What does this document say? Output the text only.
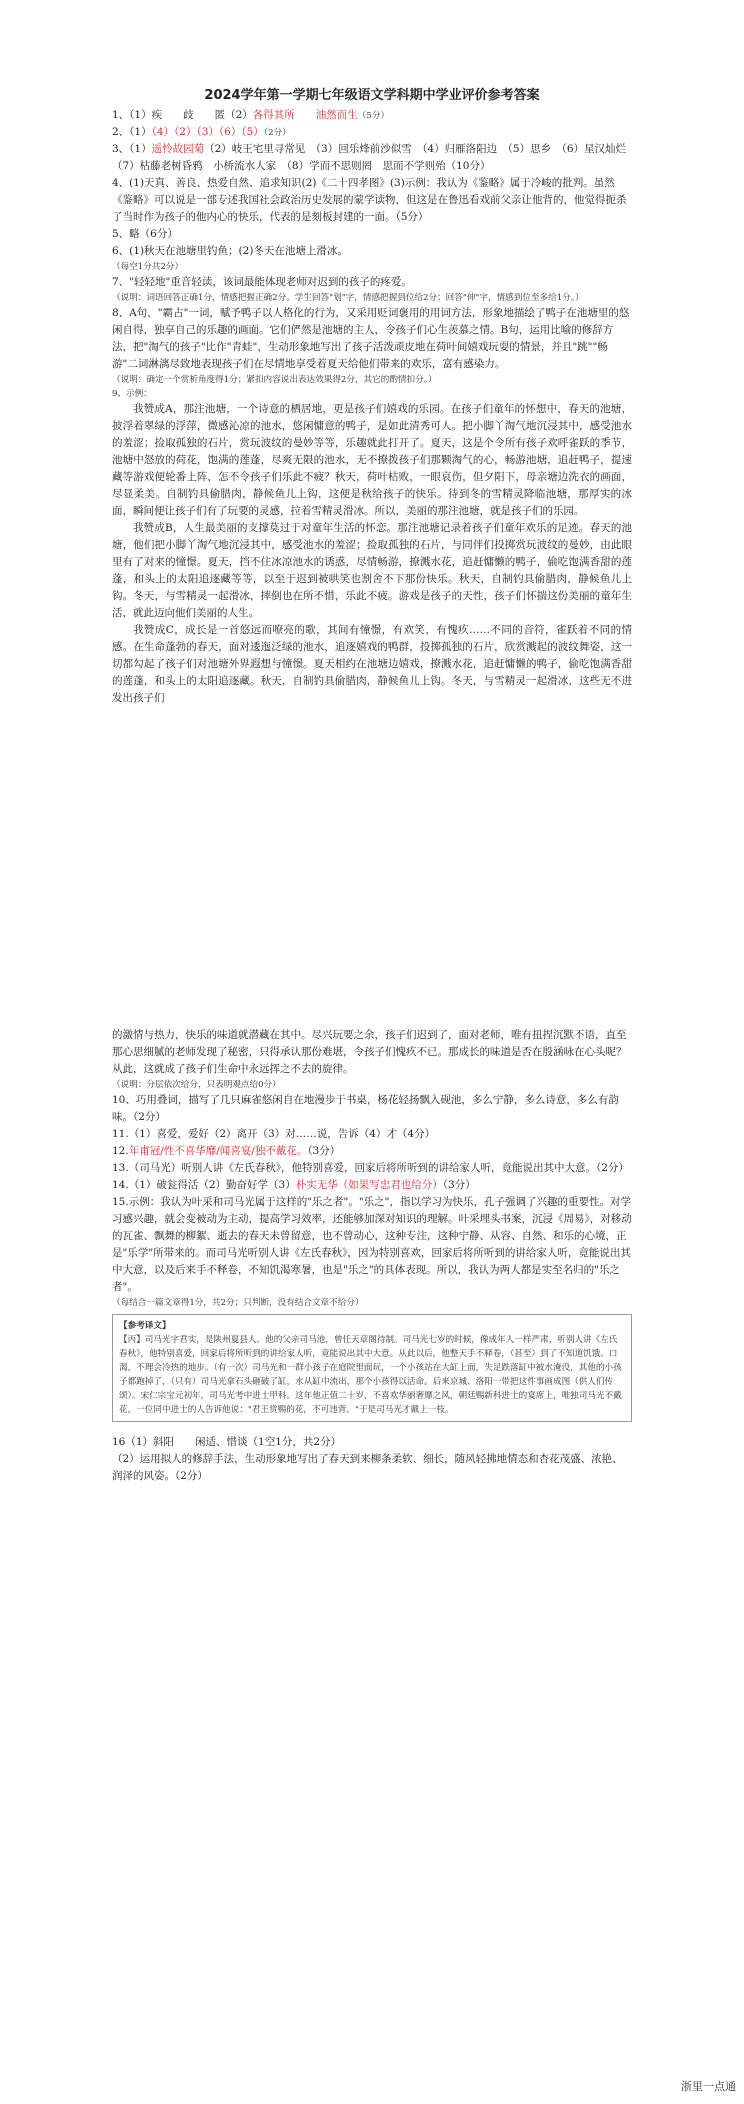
2024学年第一学期七年级语文学科期中学业评价参考答案
1、（1）疾　　歧　　匿（2）各得其所　　油然而生（5分）
2、（1）（4）（2）（3）（6）（5）（2分）
3、（1）遥怜故园菊（2）岐王宅里寻常见　（3）回乐烽前沙似雪　（4）归雁洛阳边　（5）思乡　（6）星汉灿烂　（7）枯藤老树昏鸦　小桥流水人家　（8）学而不思则罔　思而不学则殆（10分）
4、(1)天真、善良、热爱自然、追求知识(2)《二十四孝图》(3)示例：我认为《鉴略》属于冷峻的批判。虽然《鉴略》可以说是一部专述我国社会政治历史发展的蒙学读物，但这是在鲁迅看戏前父亲让他背的，他觉得扼杀了当时作为孩子的他内心的快乐，代表的是刻板封建的一面。（5分）
5、略（6分）
6、(1)秋天在池塘里钓鱼；(2)冬天在池塘上滑冰。
（每空1分共2分）
7、"轻轻地"重音轻读，该词最能体现老师对迟到的孩子的疼爱。
（说明：词语回答正确1分，情感把握正确2分。学生回答"划"字，情感把握到位给2分；回答"伸"字，情感到位至多给1分。）
8、A句，"霸占"一词，赋予鸭子以人格化的行为，又采用贬词褒用的用词方法，形象地描绘了鸭子在池塘里的悠闲自得，独享自己的乐趣的画面。它们俨然是池塘的主人，令孩子们心生羡慕之情。B句，运用比喻的修辞方法，把"淘气的孩子"比作"青蛙"，生动形象地写出了孩子活泼顽皮地在荷叶间嬉戏玩耍的情景，并且"跳""畅游"二词淋漓尽致地表现孩子们在尽情地享受着夏天给他们带来的欢乐，富有感染力。
（说明：确定一个赏析角度得1分；紧扣内容说出表达效果得2分，其它的酌情扣分。）
9、示例：
我赞成A，那注池塘，一个诗意的栖居地，更是孩子们嬉戏的乐园。在孩子们童年的怀想中，春天的池塘，披浮着翠绿的浮萍，微感沁凉的池水，悠闲慵意的鸭子，是如此清秀可人。把小脚丫淘气地沉浸其中，感受池水的羞涩；捡取孤独的石片，赏玩波纹的曼妙等等，乐趣就此打开了。夏天，这是个令所有孩子欢呼雀跃的季节，池塘中怒放的荷花，饱满的莲蓬，尽爽无限的池水，无不撩拨孩子们那颗淘气的心，畅游池塘，追赶鸭子，提速藏等游戏便轮番上阵，怎不令孩子们乐此不疲？秋天，荷叶枯败，一眼哀伤，但夕阳下，母亲塘边洗衣的画面，尽显柔美。自制钓具偷腊肉，静候鱼儿上钩，这便是秋给孩子的快乐。待到冬的雪精灵降临池塘，那厚实的冰面，瞬间便让孩子们有了玩要的灵感，拉着雪精灵滑冰。所以，美丽的那注池塘，就是孩子们的乐园。
我赞成B，人生最美丽的支撑莫过于对童年生活的怀恋。那注池塘记录着孩子们童年欢乐的足迹。春天的池塘，他们把小脚丫淘气地沉浸其中，感受池水的羞涩；捡取孤独的石片，与同伴们投掷赏玩波纹的曼妙，由此眼里有了对来的憧憬。夏天，挡不住冰凉池水的诱惑，尽情畅游，撩溅水花，追赶慵懒的鸭子，偷吃饱满香甜的莲蓬，和头上的太阳追逐藏等等，以至于迟到被哄笑也割舍不下那份快乐。秋天，自制钓具偷腊肉，静候鱼儿上钩。冬天，与雪精灵一起滑冰，摔倒也在所不惜，乐此不疲。游戏是孩子的天性，孩子们怀揣这份美丽的童年生活，就此迈向他们美丽的人生。
我赞成C，成长是一首悠远而嘹亮的歌，其间有憧憬，有欢笑，有愧疚……不同的音符，雀跃着不同的情感。在生命蓬勃的春天，面对逶迤泛绿的池水，追逐嬉戏的鸭群，投掷孤独的石片，欣赏溅起的波纹舞姿，这一切都勾起了孩子们对池塘外界遐想与憧憬。夏天相约在池塘边嬉戏，撩溅水花，追赶慵懒的鸭子，偷吃饱满香甜的莲蓬，和头上的太阳追逐藏。秋天，自制钓具偷腊肉，静候鱼儿上钩。冬天，与雪精灵一起滑冰，这些无不进发出孩子们
的激情与热力，快乐的味道就潜藏在其中。尽兴玩要之余，孩子们迟到了，面对老师，唯有扭捏沉默不语，直至那心思细腻的老师发现了秘密，只得承认那份难堪，令孩子们愧疚不已。那成长的味道是否在殷涵咏在心头呢？从此，这就成了孩子们生命中永远挥之不去的旋律。
（说明：分层依次给分，只表明观点给0分）
10、巧用叠词，描写了几只麻雀悠闲自在地漫步于书桌，杨花轻扬飘入砚池，多么宁静，多么诗意，多么有韵味。（2分）
11.（1）喜爱，爱好（2）离开（3）对……说，告诉（4）才（4分）
12.年甫冠/性不喜华靡/闻喜宴/独不戴花。（3分）
13.（司马光）听别人讲《左氏春秋》，他特别喜爱，回家后将所听到的讲给家人听，竟能说出其中大意。（2分）
14.（1）破瓮得活（2）勤奋好学（3）朴实无华（如果写忠君也给分）（3分）
15.示例：我认为叶采和司马光属于这样的"乐之者"。"乐之"，指以学习为快乐，孔子强调了兴趣的重要性。对学习感兴趣，就会变被动为主动，提高学习效率，还能够加深对知识的理解。叶采埋头书案，沉浸《周易》，对移动的瓦雀、飘舞的柳絮、逝去的春天未曾留意，也不曾动心，这种专注，这种宁静、从容、自然、和乐的心境，正是"乐学"所带来的。而司马光听别人讲《左氏春秋》，因为特别喜欢，回家后将所听到的讲给家人听，竟能说出其中大意，以及后来手不释卷，不知饥渴寒暑，也是"乐之"的具体表现。所以，我认为两人都是实至名归的"乐之者"。
（每结合一篇文章得1分，共2分；只判断，没有结合文章不给分）
【参考译文】
【丙】司马光字君实，是陕州夏县人。他的父亲司马池，曾任天章阁待制。司马光七岁的时候，像成年人一样严肃，听别人讲《左氏春秋》，他特别喜爱，回家后将所听到的讲给家人听，竟能说出其中大意。从此以后，他整天手不释卷，（甚至）到了不知道饥饿、口渴，不理会冷热的地步。（有一次）司马光和一群小孩子在庭院里面玩，一个小孩站在大缸上面，失足跌落缸中被水淹没，其他的小孩子都跑掉了，（只有）司马光拿石头砸破了缸，水从缸中流出，那个小孩得以活命。后来京城、洛阳一带把这件事画成图（供人们传颂）。宋仁宗宝元初年，司马光考中进士甲科。这年他正值二十岁，不喜欢华丽奢靡之风，朝廷赐新科进士的宴席上，唯独司马光不戴花，一位同中进士的人告诉他说："君王赏赐的花，不可违背。"于是司马光才戴上一枝。
16（1）斜阳　　闲适、惜谈（1空1分，共2分）
（2）运用拟人的修辞手法，生动形象地写出了春天到来柳条柔软、细长，随风轻拂地情态和杏花茂盛、浓艳、润泽的风姿。（2分）
浙里一点通
